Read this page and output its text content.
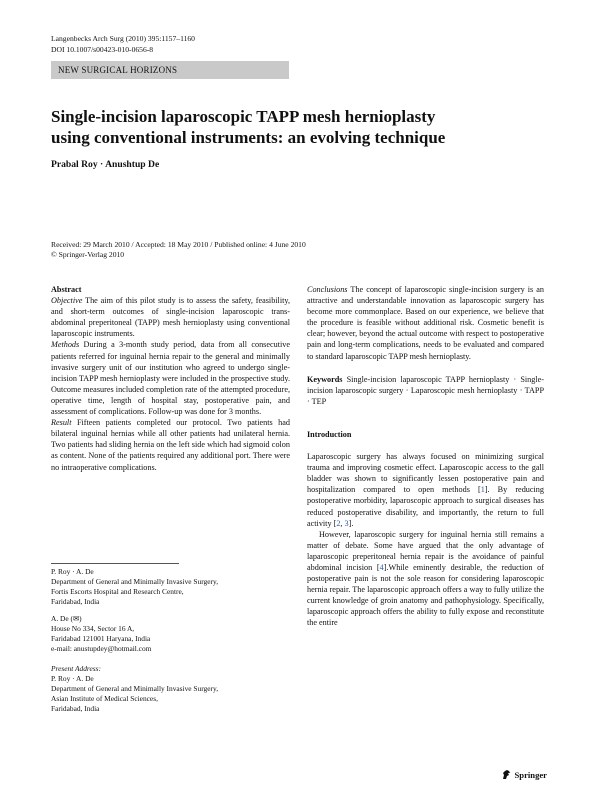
Langenbecks Arch Surg (2010) 395:1157–1160
DOI 10.1007/s00423-010-0656-8
NEW SURGICAL HORIZONS
Single-incision laparoscopic TAPP mesh hernioplasty
using conventional instruments: an evolving technique
Prabal Roy · Anushtup De
Received: 29 March 2010 / Accepted: 18 May 2010 / Published online: 4 June 2010
© Springer-Verlag 2010

Abstract

Objective The aim of this pilot study is to assess the safety, feasibility, and short-term outcomes of single-incision laparoscopic trans-abdominal preperitoneal (TAPP) mesh hernioplasty using conventional laparoscopic instruments.

Methods During a 3-month study period, data from all consecutive patients referred for inguinal hernia repair to the general and minimally invasive surgery unit of our institution who agreed to undergo single-incision TAPP mesh hernioplasty were included in the prospective study. Outcome measures included completion rate of the attempted procedure, operative time, length of hospital stay, postoperative pain, and assessment of complications. Follow-up was done for 3 months.

Result Fifteen patients completed our protocol. Two patients had bilateral inguinal hernias while all other patients had unilateral hernia. Two patients had sliding hernia on the left side which had sigmoid colon as content. None of the patients required any additional port. There were no intraoperative complications.

P. Roy · A. De
Department of General and Minimally Invasive Surgery,
Fortis Escorts Hospital and Research Centre,
Faridabad, India
A. De (✉)
House No 334, Sector 16 A,
Faridabad 121001 Haryana, India
e-mail: anustupdey@hotmail.com
Present Address:
P. Roy · A. De
Department of General and Minimally Invasive Surgery,
Asian Institute of Medical Sciences,
Faridabad, India

Conclusions The concept of laparoscopic single-incision surgery is an attractive and understandable innovation as laparoscopic surgery has become more commonplace. Based on our experience, we believe that the procedure is feasible without additional risk. Cosmetic benefit is clear; however, beyond the actual outcome with respect to postoperative pain and long-term complications, needs to be evaluated and compared to standard laparoscopic TAPP mesh hernioplasty.

Keywords Single-incision laparoscopic TAPP hernioplasty · Single-incision laparoscopic surgery · Laparoscopic mesh hernioplasty · TAPP · TEP

Introduction

Laparoscopic surgery has always focused on minimizing surgical trauma and improving cosmetic effect. Laparoscopic access to the gall bladder was shown to significantly lessen postoperative pain and hospitalization compared to open methods [1]. By reducing postoperative morbidity, laparoscopic approach to surgical diseases has reduced postoperative disability, and importantly, the return to full activity [2, 3].

However, laparoscopic surgery for inguinal hernia still remains a matter of debate. Some have argued that the only advantage of laparoscopic preperitoneal hernia repair is the avoidance of painful abdominal incision [4].While eminently desirable, the reduction of postoperative pain is not the sole reason for considering laparoscopic hernia repair. The laparoscopic approach offers a way to fully utilize the current knowledge of groin anatomy and pathophysiology. Specifically, laparoscopic approach offers the ability to fully expose and reconstitute the entire

Springer
